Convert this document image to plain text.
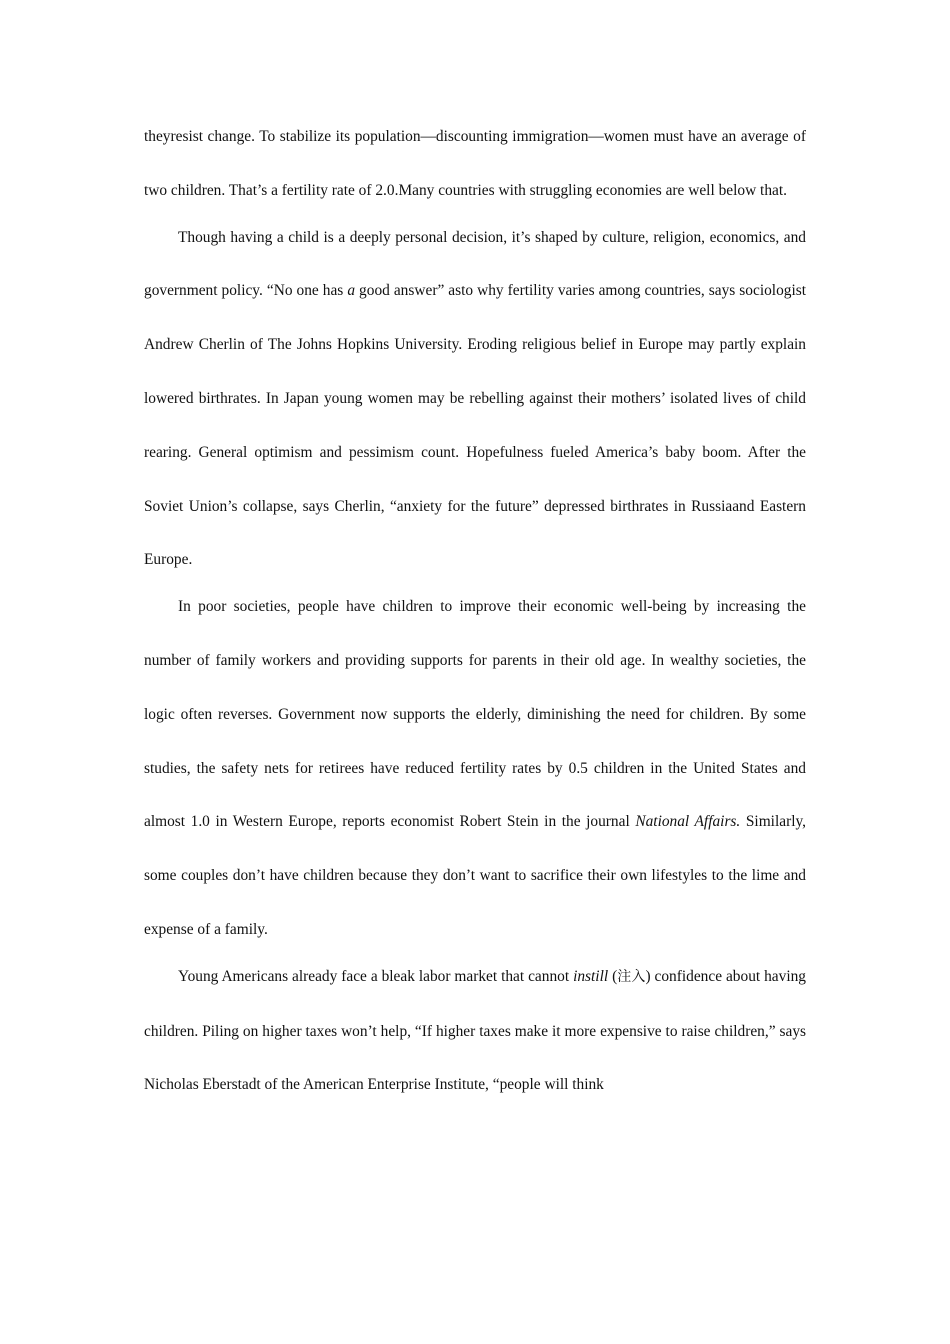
theyresist change. To stabilize its population—discounting immigration—women must have an average of two children. That’s a fertility rate of 2.0.Many countries with struggling economies are well below that.

Though having a child is a deeply personal decision, it’s shaped by culture, religion, economics, and government policy. “No one has a good answer” asto why fertility varies among countries, says sociologist Andrew Cherlin of The Johns Hopkins University. Eroding religious belief in Europe may partly explain lowered birthrates. In Japan young women may be rebelling against their mothers’ isolated lives of child rearing. General optimism and pessimism count. Hopefulness fueled America’s baby boom. After the Soviet Union’s collapse, says Cherlin, “anxiety for the future” depressed birthrates in Russiaand Eastern Europe.

In poor societies, people have children to improve their economic well-being by increasing the number of family workers and providing supports for parents in their old age. In wealthy societies, the logic often reverses. Government now supports the elderly, diminishing the need for children. By some studies, the safety nets for retirees have reduced fertility rates by 0.5 children in the United States and almost 1.0 in Western Europe, reports economist Robert Stein in the journal National Affairs. Similarly, some couples don’t have children because they don’t want to sacrifice their own lifestyles to the lime and expense of a family.

Young Americans already face a bleak labor market that cannot instill (注入) confidence about having children. Piling on higher taxes won’t help, “If higher taxes make it more expensive to raise children,” says Nicholas Eberstadt of the American Enterprise Institute, “people will think
